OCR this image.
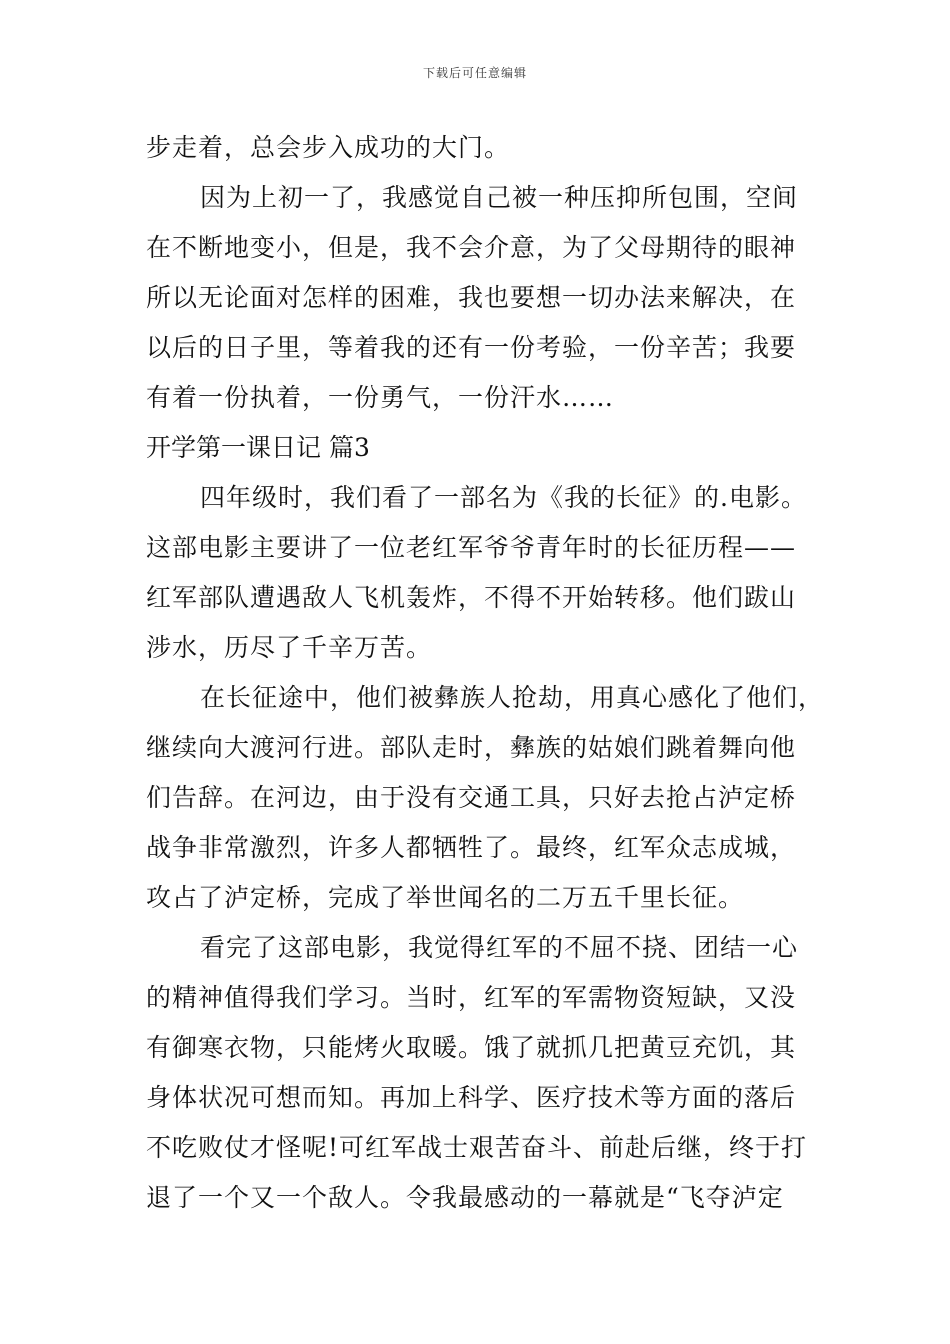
下载后可任意编辑
步走着，总会步入成功的大门。
因为上初一了，我感觉自己被一种压抑所包围，空间
在不断地变小，但是，我不会介意，为了父母期待的眼神
所以无论面对怎样的困难，我也要想一切办法来解决，在
以后的日子里，等着我的还有一份考验，一份辛苦；我要
有着一份执着，一份勇气，一份汗水……
开学第一课日记 篇3
四年级时，我们看了一部名为《我的长征》的.电影。
这部电影主要讲了一位老红军爷爷青年时的长征历程——
红军部队遭遇敌人飞机轰炸，不得不开始转移。他们跋山
涉水，历尽了千辛万苦。
在长征途中，他们被彝族人抢劫，用真心感化了他们，
继续向大渡河行进。部队走时，彝族的姑娘们跳着舞向他
们告辞。在河边，由于没有交通工具，只好去抢占泸定桥
战争非常激烈，许多人都牺牲了。最终，红军众志成城，
攻占了泸定桥，完成了举世闻名的二万五千里长征。
看完了这部电影，我觉得红军的不屈不挠、团结一心
的精神值得我们学习。当时，红军的军需物资短缺，又没
有御寒衣物，只能烤火取暖。饿了就抓几把黄豆充饥，其
身体状况可想而知。再加上科学、医疗技术等方面的落后
不吃败仗才怪呢!可红军战士艰苦奋斗、前赴后继，终于打
退了一个又一个敌人。令我最感动的一幕就是“飞夺泸定
